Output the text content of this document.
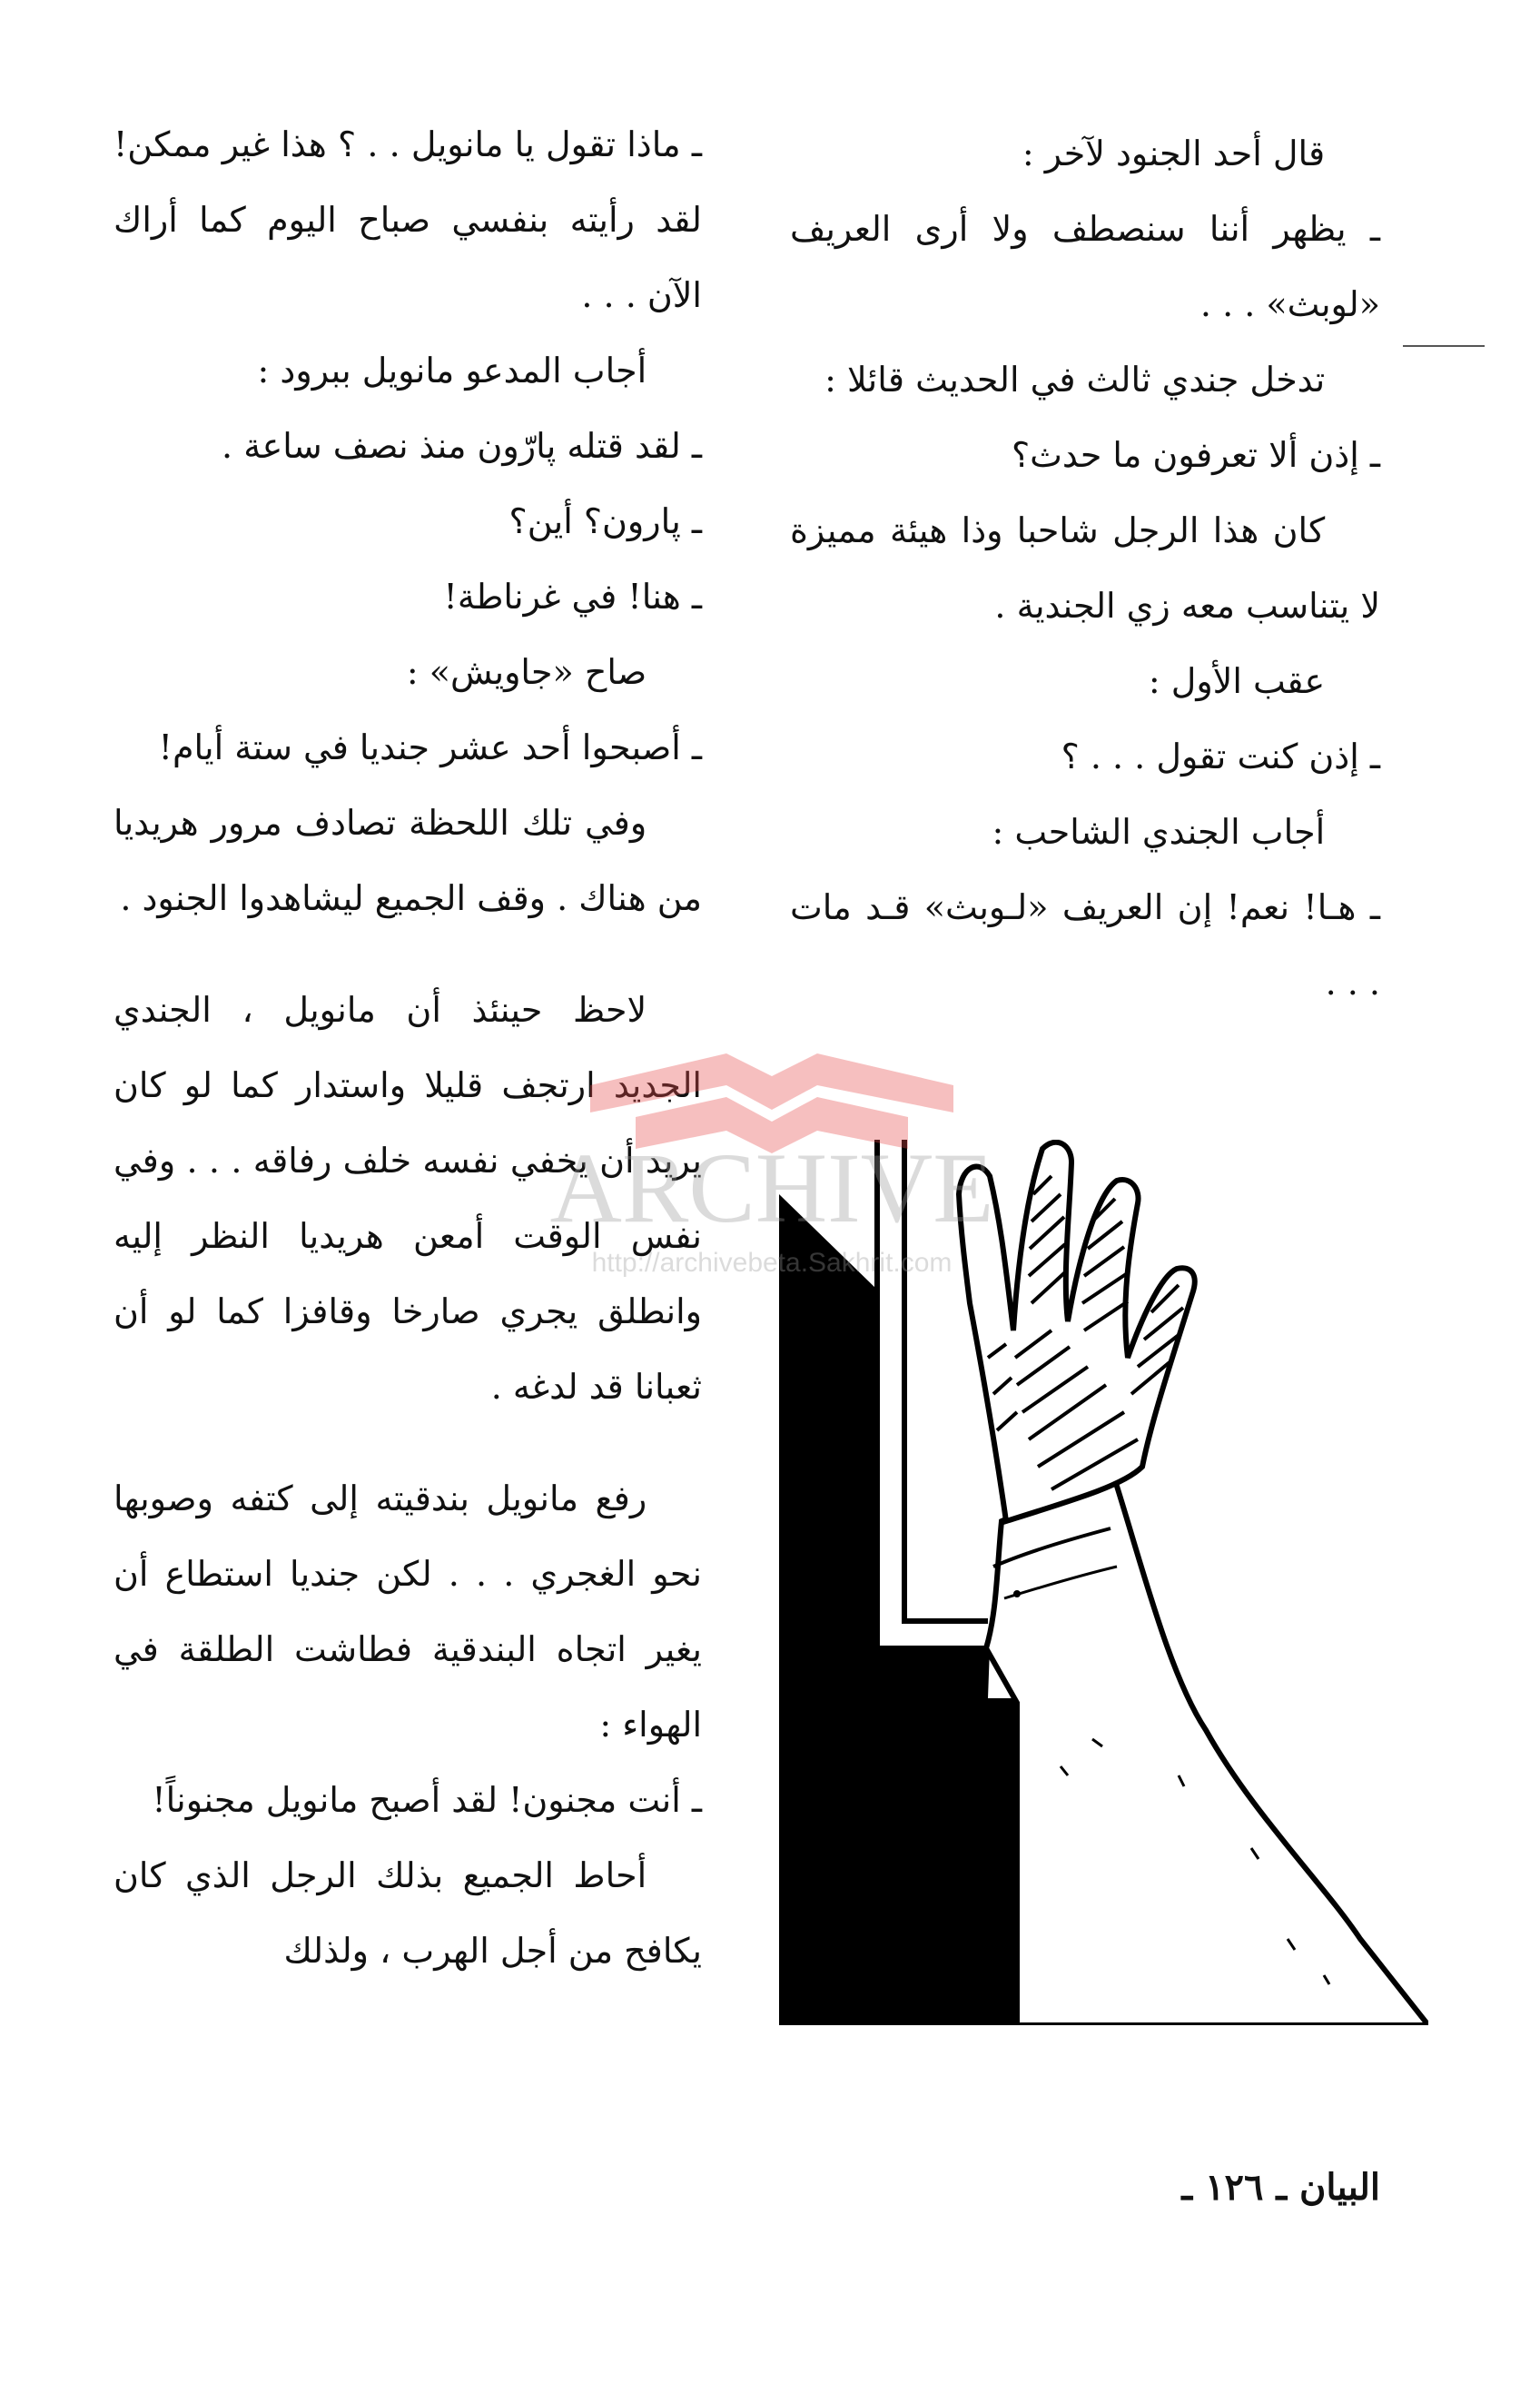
قال أحد الجنود لآخر :

ـ يظهر أننا سنصطف ولا أرى العريف «لوبث» . . .

تدخل جندي ثالث في الحديث قائلا :

ـ إذن ألا تعرفون ما حدث؟

كان هذا الرجل شاحبا وذا هيئة مميزة لا يتناسب معه زي الجندية .

عقب الأول :

ـ إذن كنت تقول . . . ؟

أجاب الجندي الشاحب :

ـ هـا! نعم! إن العريف «لـوبث» قـد مات . . .

ـ ماذا تقول يا مانويل . . ؟ هذا غير ممكن! لقد رأيته بنفسي صباح اليوم كما أراك الآن . . .

أجاب المدعو مانويل ببرود :

ـ لقد قتله پارّون منذ نصف ساعة .

ـ پارون؟ أين؟

ـ هنا! في غرناطة!

صاح «جاويش» :

ـ أصبحوا أحد عشر جنديا في ستة أيام!

وفي تلك اللحظة تصادف مرور هريديا من هناك . وقف الجميع ليشاهدوا الجنود .

لاحظ حينئذ أن مانويل ، الجندي الجديد ارتجف قليلا واستدار كما لو كان يريد أن يخفي نفسه خلف رفاقه . . . وفي نفس الوقت أمعن هريديا النظر إليه وانطلق يجري صارخا وقافزا كما لو أن ثعبانا قد لدغه .

رفع مانويل بندقيته إلى كتفه وصوبها نحو الغجري . . . لكن جنديا استطاع أن يغير اتجاه البندقية فطاشت الطلقة في الهواء :

ـ أنت مجنون! لقد أصبح مانويل مجنوناً!

أحاط الجميع بذلك الرجل الذي كان يكافح من أجل الهرب ، ولذلك

ARCHIVE
http://archivebeta.Sakhrit.com
البيان ـ ١٢٦ ـ
